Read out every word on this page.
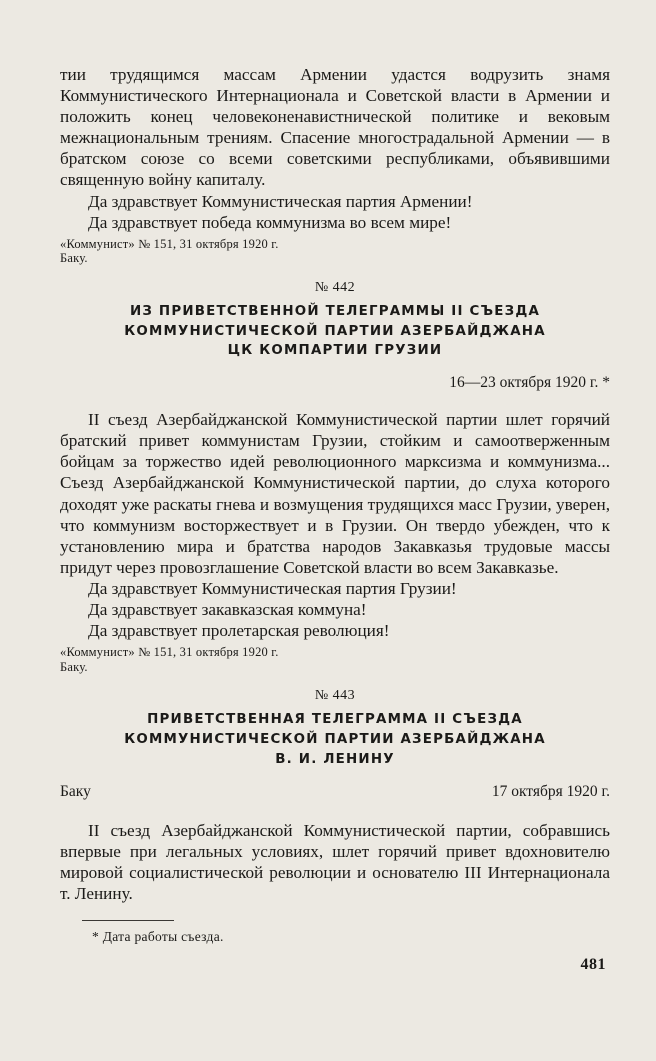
тии трудящимся массам Армении удастся водрузить знамя Коммунистического Интернационала и Советской власти в Армении и положить конец человеконенавистнической политике и вековым межнациональным трениям. Спасение многострадальной Армении — в братском союзе со всеми советскими республиками, объявившими священную войну капиталу.

Да здравствует Коммунистическая партия Армении!

Да здравствует победа коммунизма во всем мире!

«Коммунист» № 151, 31 октября 1920 г. Баку.

№ 442

ИЗ ПРИВЕТСТВЕННОЙ ТЕЛЕГРАММЫ II СЪЕЗДА

КОММУНИСТИЧЕСКОЙ ПАРТИИ АЗЕРБАЙДЖАНА

ЦК КОМПАРТИИ ГРУЗИИ

16—23 октября 1920 г. *

II съезд Азербайджанской Коммунистической партии шлет горячий братский привет коммунистам Грузии, стойким и самоотверженным бойцам за торжество идей революционного марксизма и коммунизма... Съезд Азербайджанской Коммунистической партии, до слуха которого доходят уже раскаты гнева и возмущения трудящихся масс Грузии, уверен, что коммунизм восторжествует и в Грузии. Он твердо убежден, что к установлению мира и братства народов Закавказья трудовые массы придут через провозглашение Советской власти во всем Закавказье.

Да здравствует Коммунистическая партия Грузии!

Да здравствует закавказская коммуна!

Да здравствует пролетарская революция!

«Коммунист» № 151, 31 октября 1920 г. Баку.

№ 443

ПРИВЕТСТВЕННАЯ ТЕЛЕГРАММА II СЪЕЗДА

КОММУНИСТИЧЕСКОЙ ПАРТИИ АЗЕРБАЙДЖАНА

В. И. ЛЕНИНУ

Баку	17 октября 1920 г.

II съезд Азербайджанской Коммунистической партии, собравшись впервые при легальных условиях, шлет горячий привет вдохновителю мировой социалистической революции и основателю III Интернационала т. Ленину.

* Дата работы съезда.

481
